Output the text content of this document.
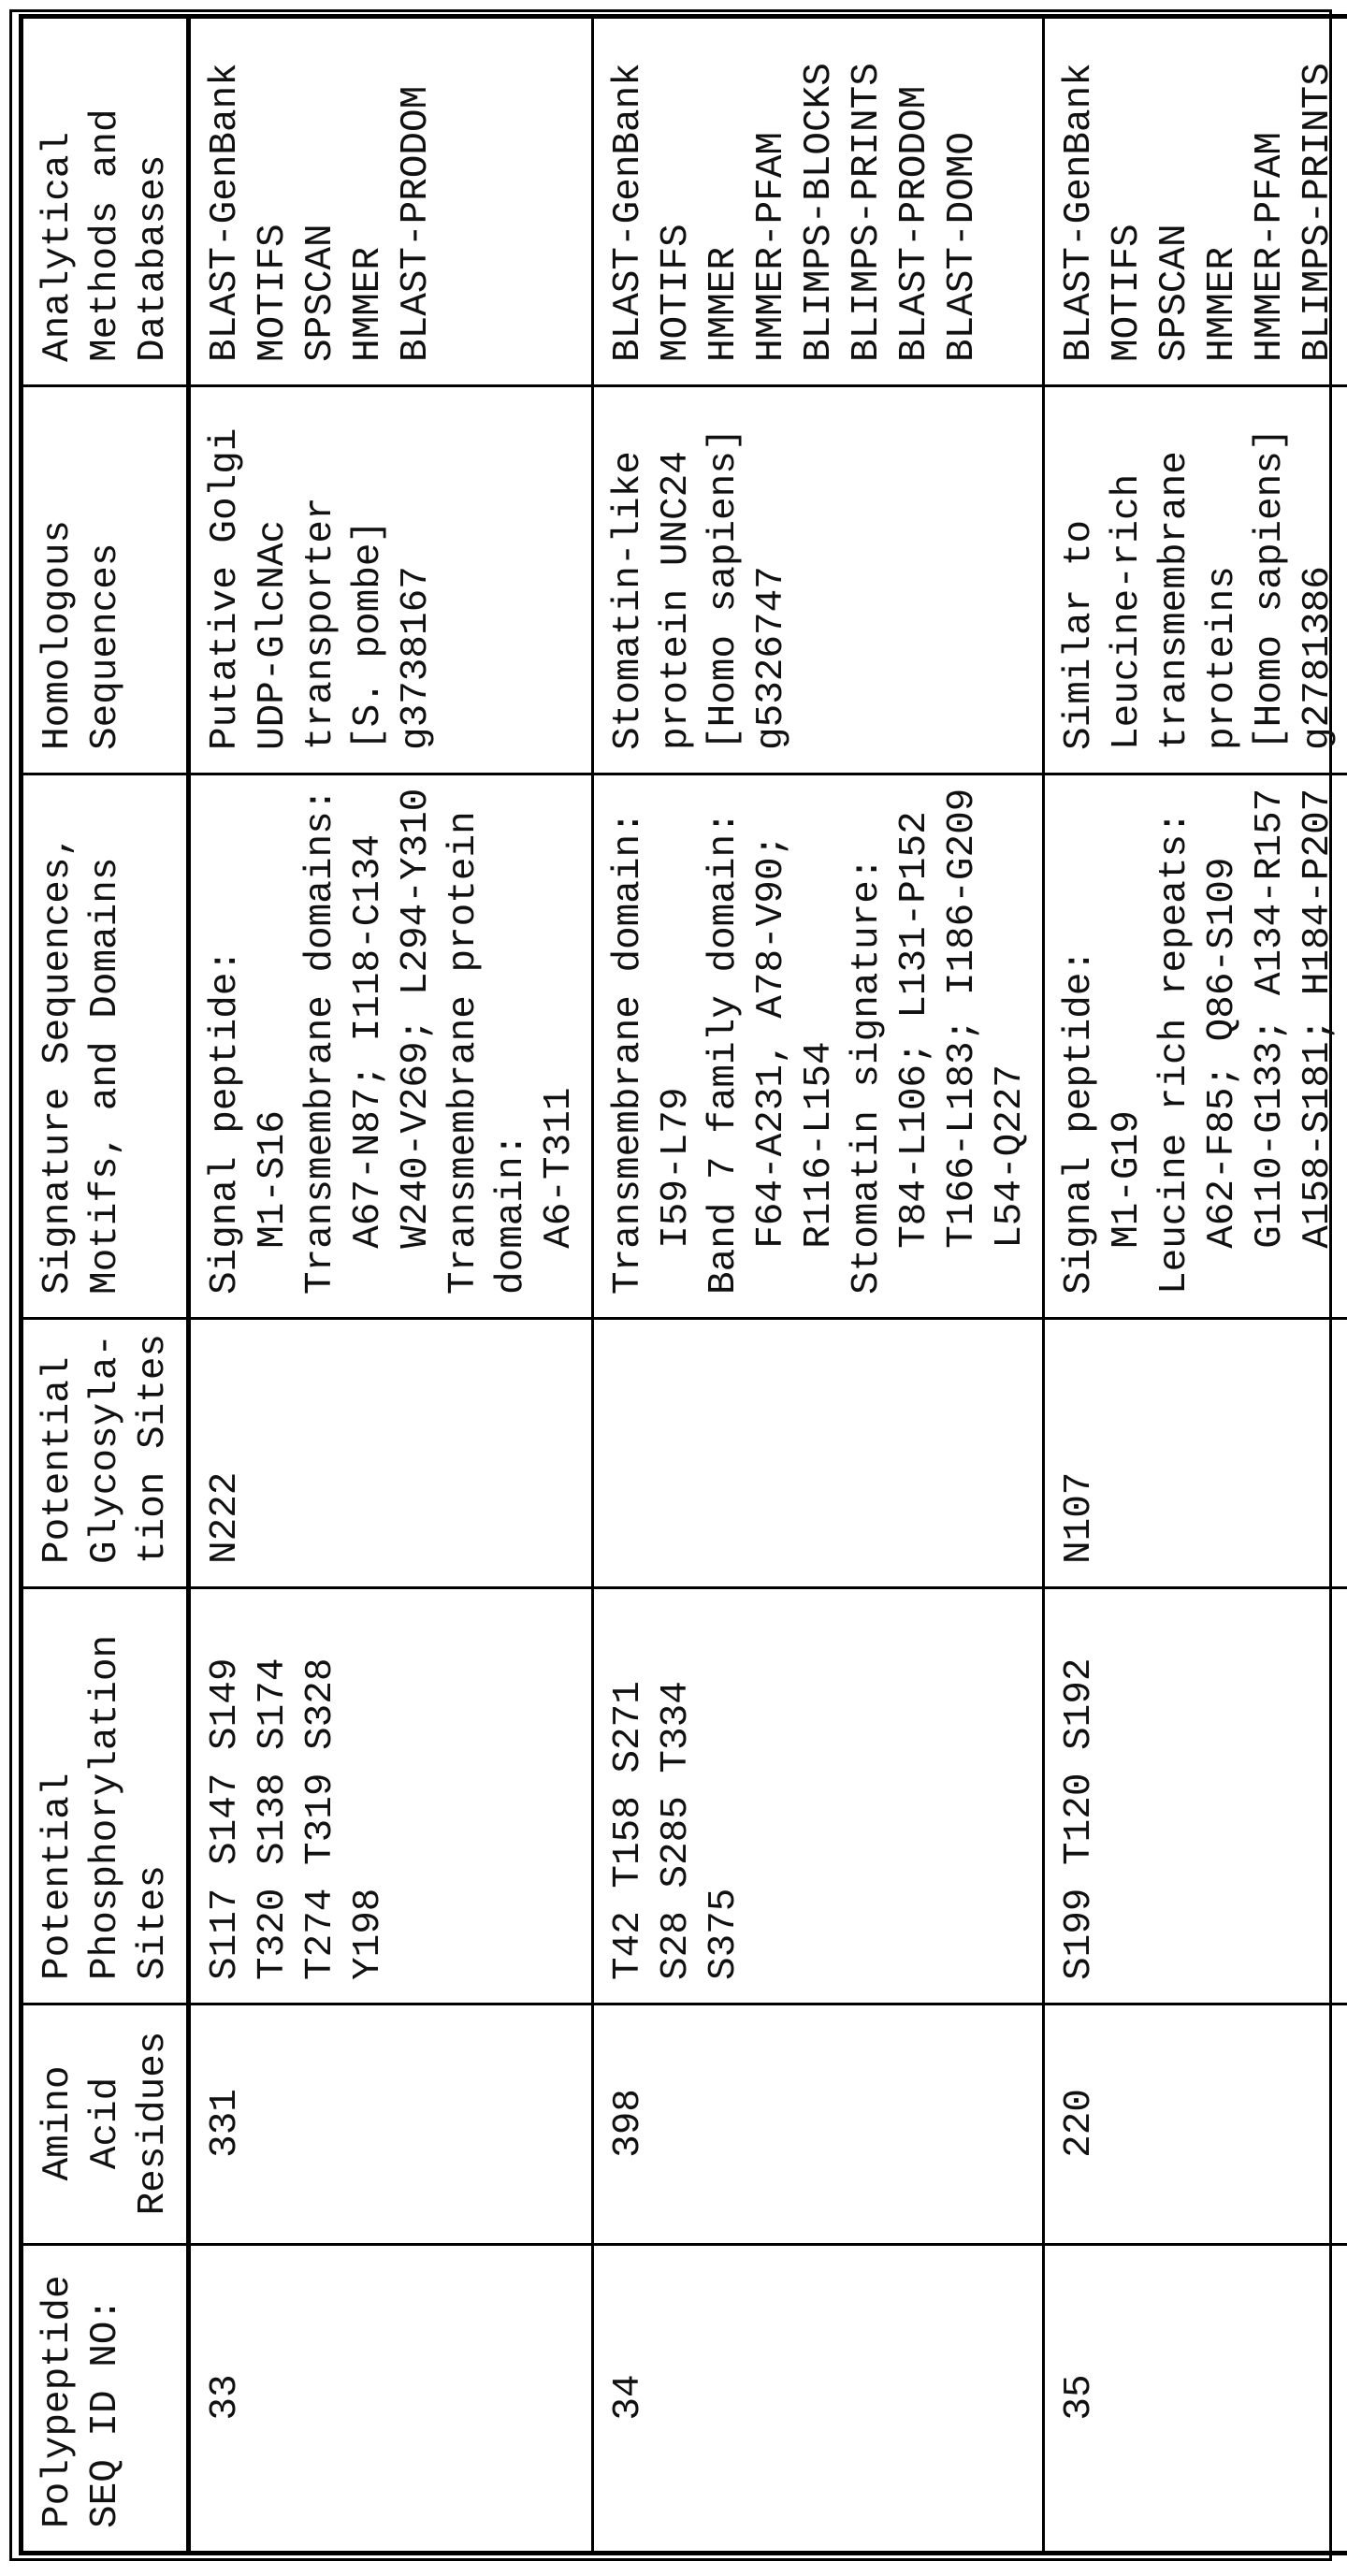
Polypeptide SEQ ID NO:

Amino Acid Residues

Potential Phosphorylation Sites

Potential Glycosyla- tion Sites

Signature Sequences, Motifs, and Domains

Homologous Sequences

Analytical Methods and Databases

33

331

S117 S147 S149 T320 S138 S174 T274 T319 S328 Y198

N222

Signal peptide: M1-S16 Transmembrane domains: A67-N87; I118-C134 W240-V269; L294-Y310 Transmembrane protein domain: A6-T311

Putative Golgi UDP-GlcNAc transporter [S. pombe] g3738167

BLAST-GenBank MOTIFS SPSCAN HMMER BLAST-PRODOM

34

398

T42 T158 S271 S28 S285 T334 S375

Transmembrane domain: I59-L79 Band 7 family domain: F64-A231, A78-V90; R116-L154 Stomatin signature: T84-L106; L131-P152 T166-L183; I186-G209 L54-Q227

Stomatin-like protein UNC24 [Homo sapiens] g5326747

BLAST-GenBank MOTIFS HMMER HMMER-PFAM BLIMPS-BLOCKS BLIMPS-PRINTS BLAST-PRODOM BLAST-DOMO

35

220

S199 T120 S192

N107

Signal peptide: M1-G19 Leucine rich repeats: A62-F85; Q86-S109 G110-G133; A134-R157 A158-S181; H184-P207

Similar to Leucine-rich transmembrane proteins [Homo sapiens] g2781386

BLAST-GenBank MOTIFS SPSCAN HMMER HMMER-PFAM BLIMPS-PRINTS
